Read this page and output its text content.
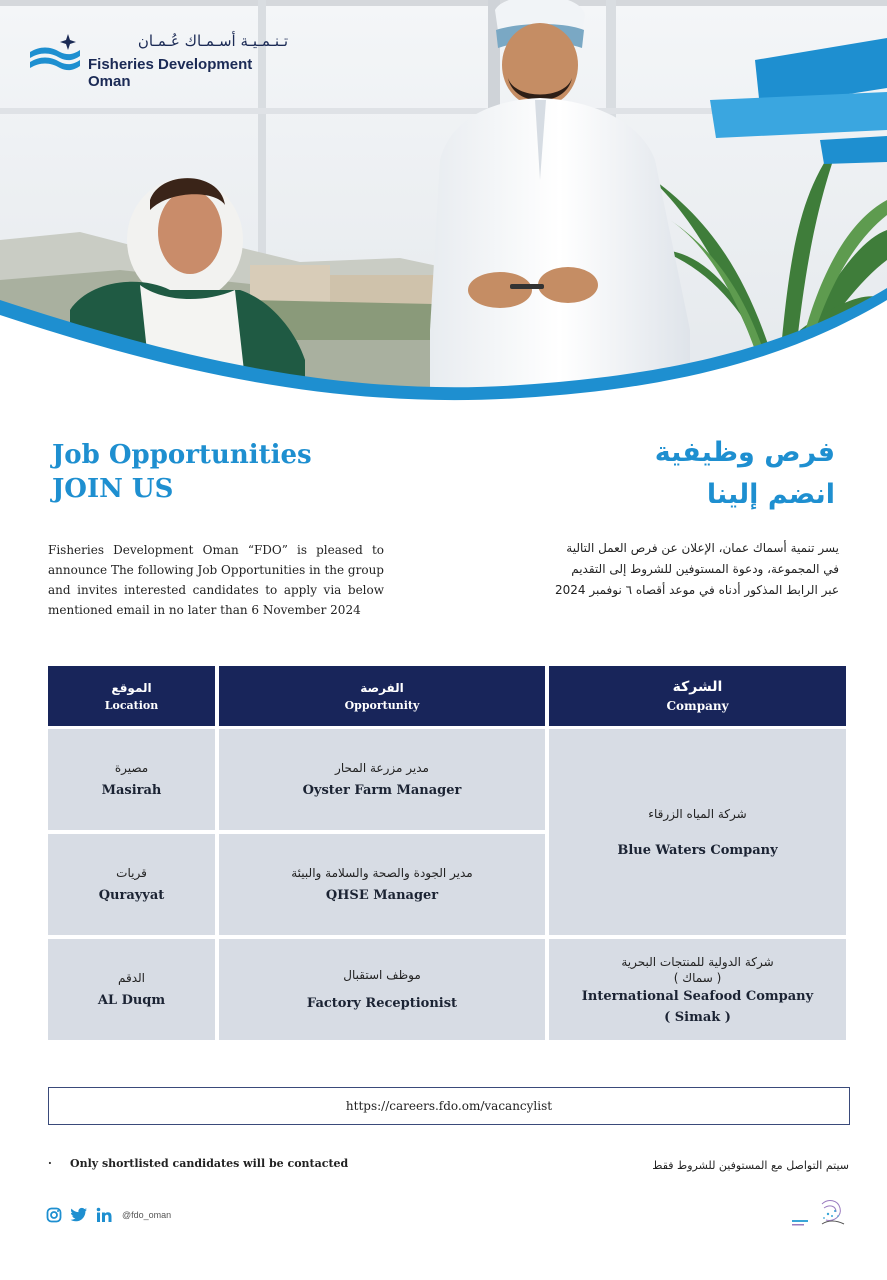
تـنـمـيـة أسـمـاك عُـمـان
Fisheries Development Oman
Job Opportunities
JOIN US
فرص وظيفية
انضم إلينا

Fisheries Development Oman “FDO” is pleased to announce The following Job Opportunities in the group and invites interested candidates to apply via below mentioned email in no later than 6 November 2024

يسر تنمية أسماك عمان، الإعلان عن فرص العمل التالية
في المجموعة، ودعوة المستوفين للشروط إلى التقديم
عبر الرابط المذكور أدناه في موعد أقصاه ٦ نوفمبر 2024
الموقع
Location
الفرصة
Opportunity
الشركة
Company
مصيرة
Masirah
مدير مزرعة المحار
Oyster Farm Manager
قريات
Qurayyat
مدير الجودة والصحة والسلامة والبيئة
QHSE Manager
شركة المياه الزرقاء
Blue Waters Company
الدقم
AL Duqm
موظف استقبال
Factory Receptionist
شركة الدولية للمنتجات البحرية
( سماك )
International Seafood Company
( Simak )
https://careers.fdo.om/vacancylist
· Only shortlisted candidates will be contacted	سيتم التواصل مع المستوفين للشروط فقط
@fdo_oman
